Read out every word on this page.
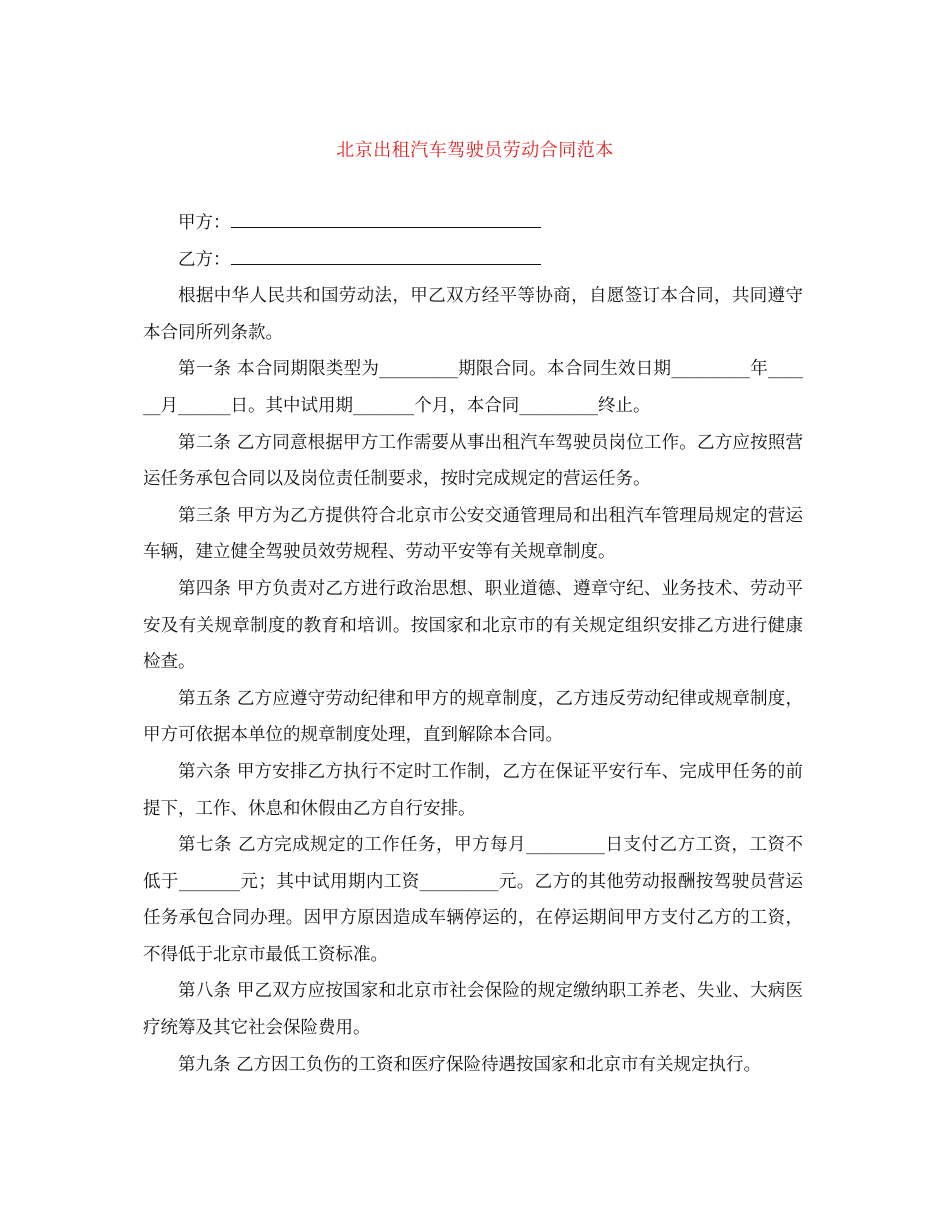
北京出租汽车驾驶员劳动合同范本

甲方：

乙方：

根据中华人民共和国劳动法，甲乙双方经平等协商，自愿签订本合同，共同遵守本合同所列条款。

第一条 本合同期限类型为_________期限合同。本合同生效日期_________年______月______日。其中试用期_______个月，本合同_________终止。

第二条 乙方同意根据甲方工作需要从事出租汽车驾驶员岗位工作。乙方应按照营运任务承包合同以及岗位责任制要求，按时完成规定的营运任务。

第三条 甲方为乙方提供符合北京市公安交通管理局和出租汽车管理局规定的营运车辆，建立健全驾驶员效劳规程、劳动平安等有关规章制度。

第四条 甲方负责对乙方进行政治思想、职业道德、遵章守纪、业务技术、劳动平安及有关规章制度的教育和培训。按国家和北京市的有关规定组织安排乙方进行健康检查。

第五条 乙方应遵守劳动纪律和甲方的规章制度，乙方违反劳动纪律或规章制度，甲方可依据本单位的规章制度处理，直到解除本合同。

第六条 甲方安排乙方执行不定时工作制，乙方在保证平安行车、完成甲任务的前提下，工作、休息和休假由乙方自行安排。

第七条 乙方完成规定的工作任务，甲方每月_________日支付乙方工资，工资不低于_______元；其中试用期内工资_________元。乙方的其他劳动报酬按驾驶员营运任务承包合同办理。因甲方原因造成车辆停运的，在停运期间甲方支付乙方的工资，不得低于北京市最低工资标准。

第八条 甲乙双方应按国家和北京市社会保险的规定缴纳职工养老、失业、大病医疗统筹及其它社会保险费用。

第九条 乙方因工负伤的工资和医疗保险待遇按国家和北京市有关规定执行。
